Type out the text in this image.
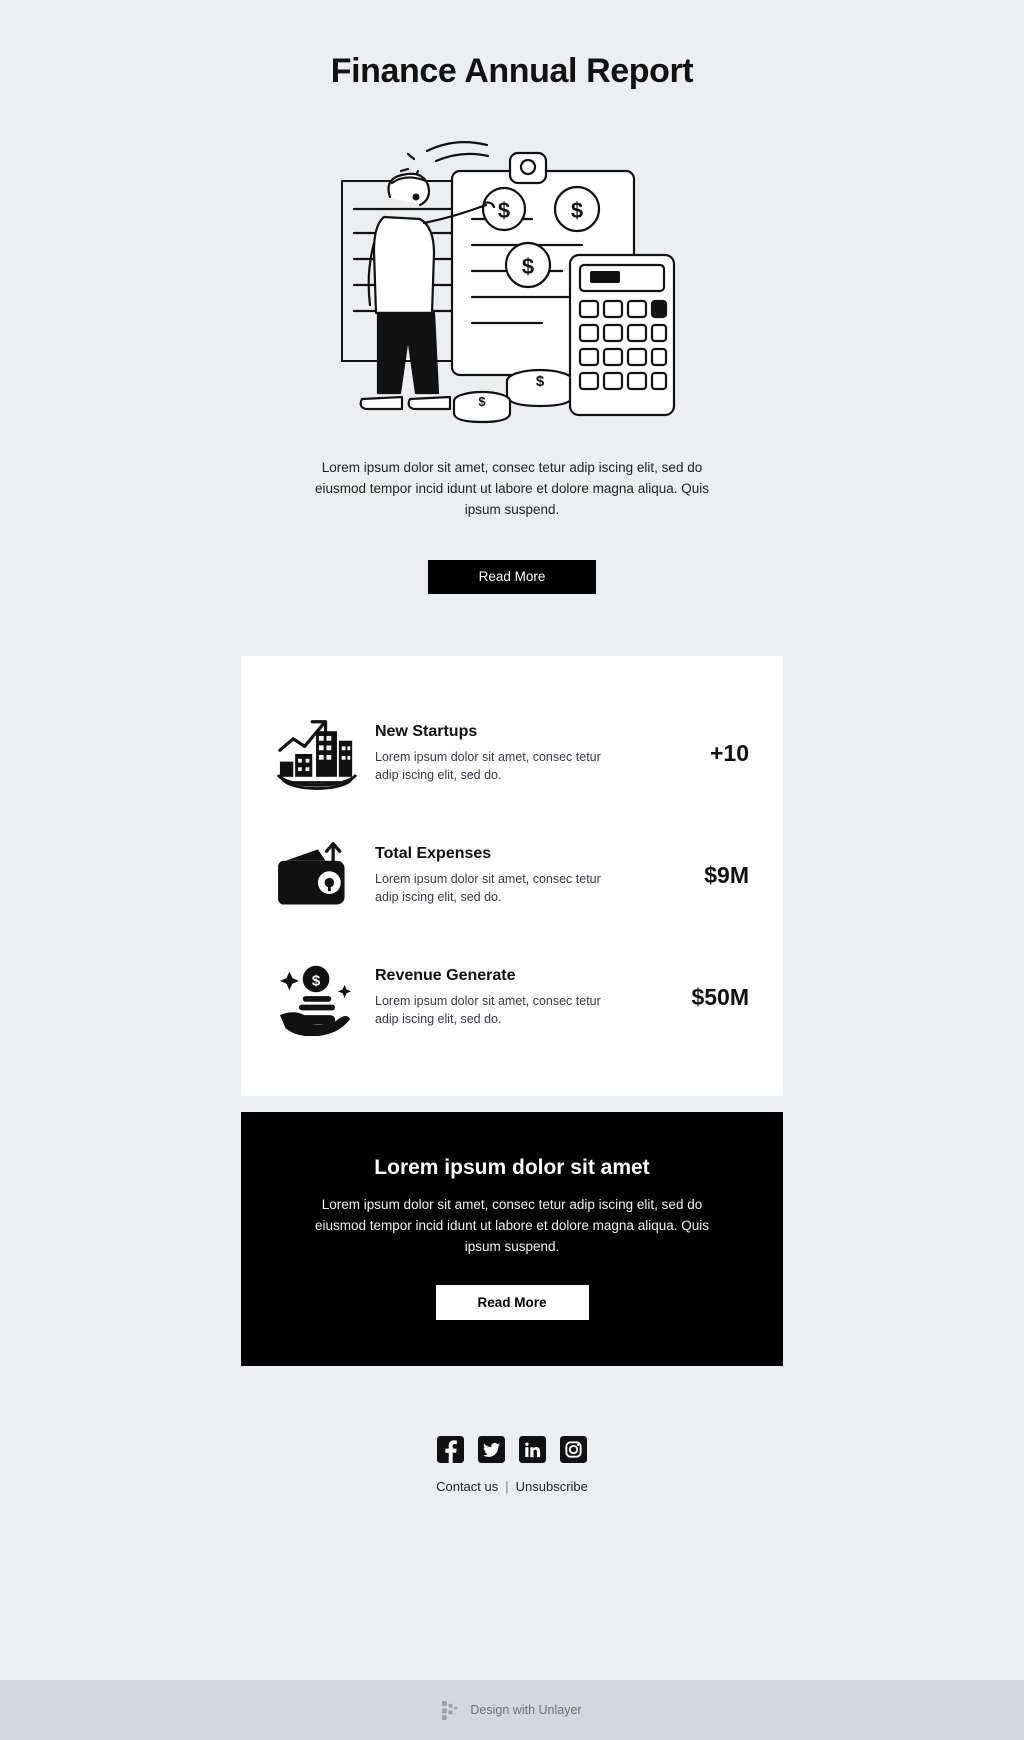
Finance Annual Report
$	$
$
$
$

Lorem ipsum dolor sit amet, consec tetur adip iscing elit, sed do eiusmod tempor incid idunt ut labore et dolore magna aliqua. Quis ipsum suspend.

Read More
New Startups
Lorem ipsum dolor sit amet, consec tetur adip iscing elit, sed do.
+10
Total Expenses
Lorem ipsum dolor sit amet, consec tetur adip iscing elit, sed do.
$9M
$	Revenue Generate
Lorem ipsum dolor sit amet, consec tetur adip iscing elit, sed do.
$50M
Lorem ipsum dolor sit amet
Lorem ipsum dolor sit amet, consec tetur adip iscing elit, sed do eiusmod tempor incid idunt ut labore et dolore magna aliqua. Quis ipsum suspend.
Read More
Contact us | Unsubscribe
Design with Unlayer
